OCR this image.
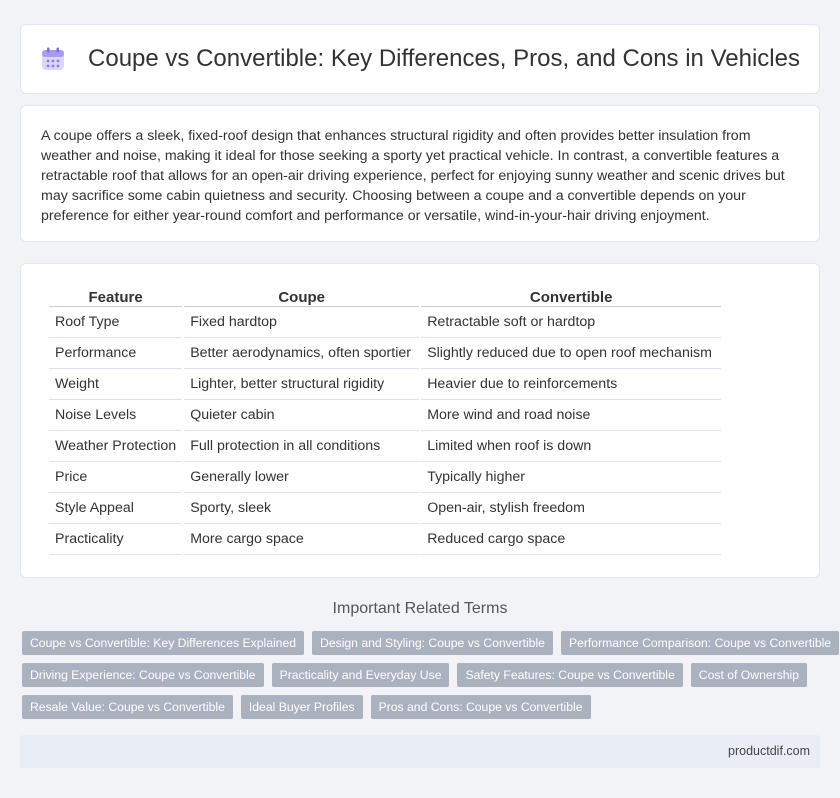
Coupe vs Convertible: Key Differences, Pros, and Cons in Vehicles

A coupe offers a sleek, fixed-roof design that enhances structural rigidity and often provides better insulation from weather and noise, making it ideal for those seeking a sporty yet practical vehicle. In contrast, a convertible features a retractable roof that allows for an open-air driving experience, perfect for enjoying sunny weather and scenic drives but may sacrifice some cabin quietness and security. Choosing between a coupe and a convertible depends on your preference for either year-round comfort and performance or versatile, wind-in-your-hair driving enjoyment.

Feature	Coupe	Convertible
Roof Type	Fixed hardtop	Retractable soft or hardtop
Performance	Better aerodynamics, often sportier	Slightly reduced due to open roof mechanism
Weight	Lighter, better structural rigidity	Heavier due to reinforcements
Noise Levels	Quieter cabin	More wind and road noise
Weather Protection	Full protection in all conditions	Limited when roof is down
Price	Generally lower	Typically higher
Style Appeal	Sporty, sleek	Open-air, stylish freedom
Practicality	More cargo space	Reduced cargo space
Important Related Terms
Coupe vs Convertible: Key Differences Explained	Design and Styling: Coupe vs Convertible	Performance Comparison: Coupe vs Convertible
Driving Experience: Coupe vs Convertible	Practicality and Everyday Use	Safety Features: Coupe vs Convertible	Cost of Ownership
Resale Value: Coupe vs Convertible	Ideal Buyer Profiles	Pros and Cons: Coupe vs Convertible
productdif.com
